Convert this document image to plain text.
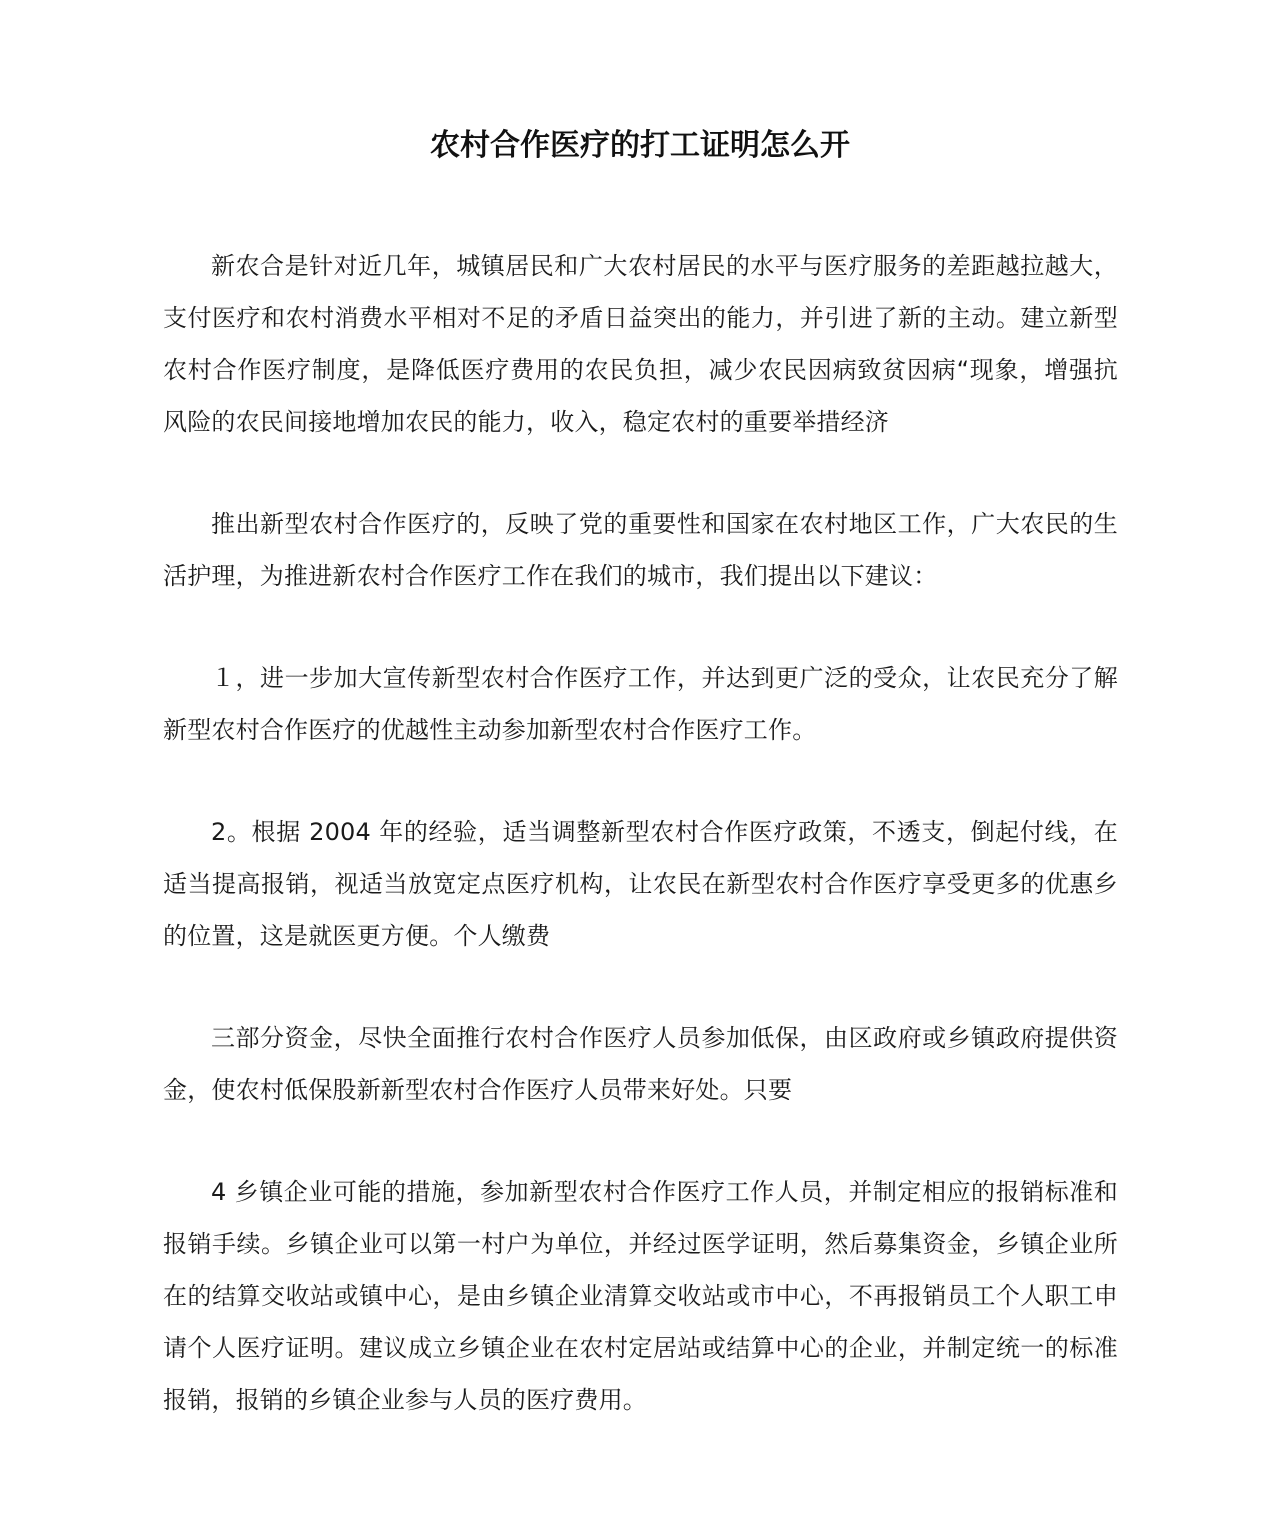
农村合作医疗的打工证明怎么开

新农合是针对近几年，城镇居民和广大农村居民的水平与医疗服务的差距越拉越大，支付医疗和农村消费水平相对不足的矛盾日益突出的能力，并引进了新的主动。建立新型农村合作医疗制度，是降低医疗费用的农民负担，减少农民因病致贫因病“现象，增强抗风险的农民间接地增加农民的能力，收入，稳定农村的重要举措经济

推出新型农村合作医疗的，反映了党的重要性和国家在农村地区工作，广大农民的生活护理，为推进新农村合作医疗工作在我们的城市，我们提出以下建议：

１，进一步加大宣传新型农村合作医疗工作，并达到更广泛的受众，让农民充分了解新型农村合作医疗的优越性主动参加新型农村合作医疗工作。

2。根据 2004 年的经验，适当调整新型农村合作医疗政策，不透支，倒起付线，在适当提高报销，视适当放宽定点医疗机构，让农民在新型农村合作医疗享受更多的优惠乡的位置，这是就医更方便。个人缴费

三部分资金，尽快全面推行农村合作医疗人员参加低保，由区政府或乡镇政府提供资金，使农村低保股新新型农村合作医疗人员带来好处。只要

4 乡镇企业可能的措施，参加新型农村合作医疗工作人员，并制定相应的报销标准和报销手续。乡镇企业可以第一村户为单位，并经过医学证明，然后募集资金，乡镇企业所在的结算交收站或镇中心，是由乡镇企业清算交收站或市中心，不再报销员工个人职工申请个人医疗证明。建议成立乡镇企业在农村定居站或结算中心的企业，并制定统一的标准报销，报销的乡镇企业参与人员的医疗费用。
